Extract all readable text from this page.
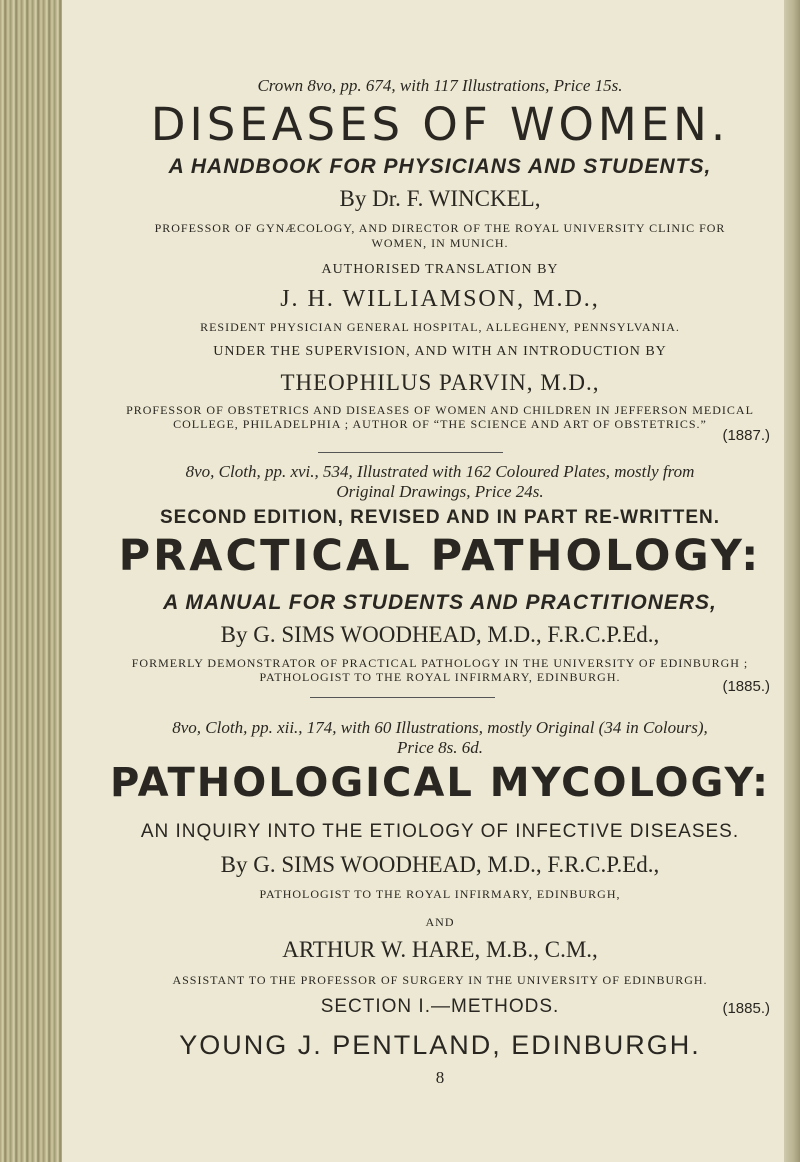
Crown 8vo, pp. 674, with 117 Illustrations, Price 15s.
DISEASES OF WOMEN.
A HANDBOOK FOR PHYSICIANS AND STUDENTS,
By Dr. F. WINCKEL,
PROFESSOR OF GYNÆCOLOGY, AND DIRECTOR OF THE ROYAL UNIVERSITY CLINIC FOR
WOMEN, IN MUNICH.
AUTHORISED TRANSLATION BY
J. H. WILLIAMSON, M.D.,
RESIDENT PHYSICIAN GENERAL HOSPITAL, ALLEGHENY, PENNSYLVANIA.
UNDER THE SUPERVISION, AND WITH AN INTRODUCTION BY
THEOPHILUS PARVIN, M.D.,
PROFESSOR OF OBSTETRICS AND DISEASES OF WOMEN AND CHILDREN IN JEFFERSON MEDICAL
COLLEGE, PHILADELPHIA ; AUTHOR OF “THE SCIENCE AND ART OF OBSTETRICS.”
(1887.)
8vo, Cloth, pp. xvi., 534, Illustrated with 162 Coloured Plates, mostly from
Original Drawings, Price 24s.
SECOND EDITION, REVISED AND IN PART RE-WRITTEN.
PRACTICAL PATHOLOGY:
A MANUAL FOR STUDENTS AND PRACTITIONERS,
By G. SIMS WOODHEAD, M.D., F.R.C.P.Ed.,
FORMERLY DEMONSTRATOR OF PRACTICAL PATHOLOGY IN THE UNIVERSITY OF EDINBURGH ;
PATHOLOGIST TO THE ROYAL INFIRMARY, EDINBURGH.
(1885.)
8vo, Cloth, pp. xii., 174, with 60 Illustrations, mostly Original (34 in Colours),
Price 8s. 6d.
PATHOLOGICAL MYCOLOGY:
AN INQUIRY INTO THE ETIOLOGY OF INFECTIVE DISEASES.
By G. SIMS WOODHEAD, M.D., F.R.C.P.Ed.,
PATHOLOGIST TO THE ROYAL INFIRMARY, EDINBURGH,
AND
ARTHUR W. HARE, M.B., C.M.,
ASSISTANT TO THE PROFESSOR OF SURGERY IN THE UNIVERSITY OF EDINBURGH.
SECTION I.—METHODS.	(1885.)
YOUNG J. PENTLAND, EDINBURGH.
8
